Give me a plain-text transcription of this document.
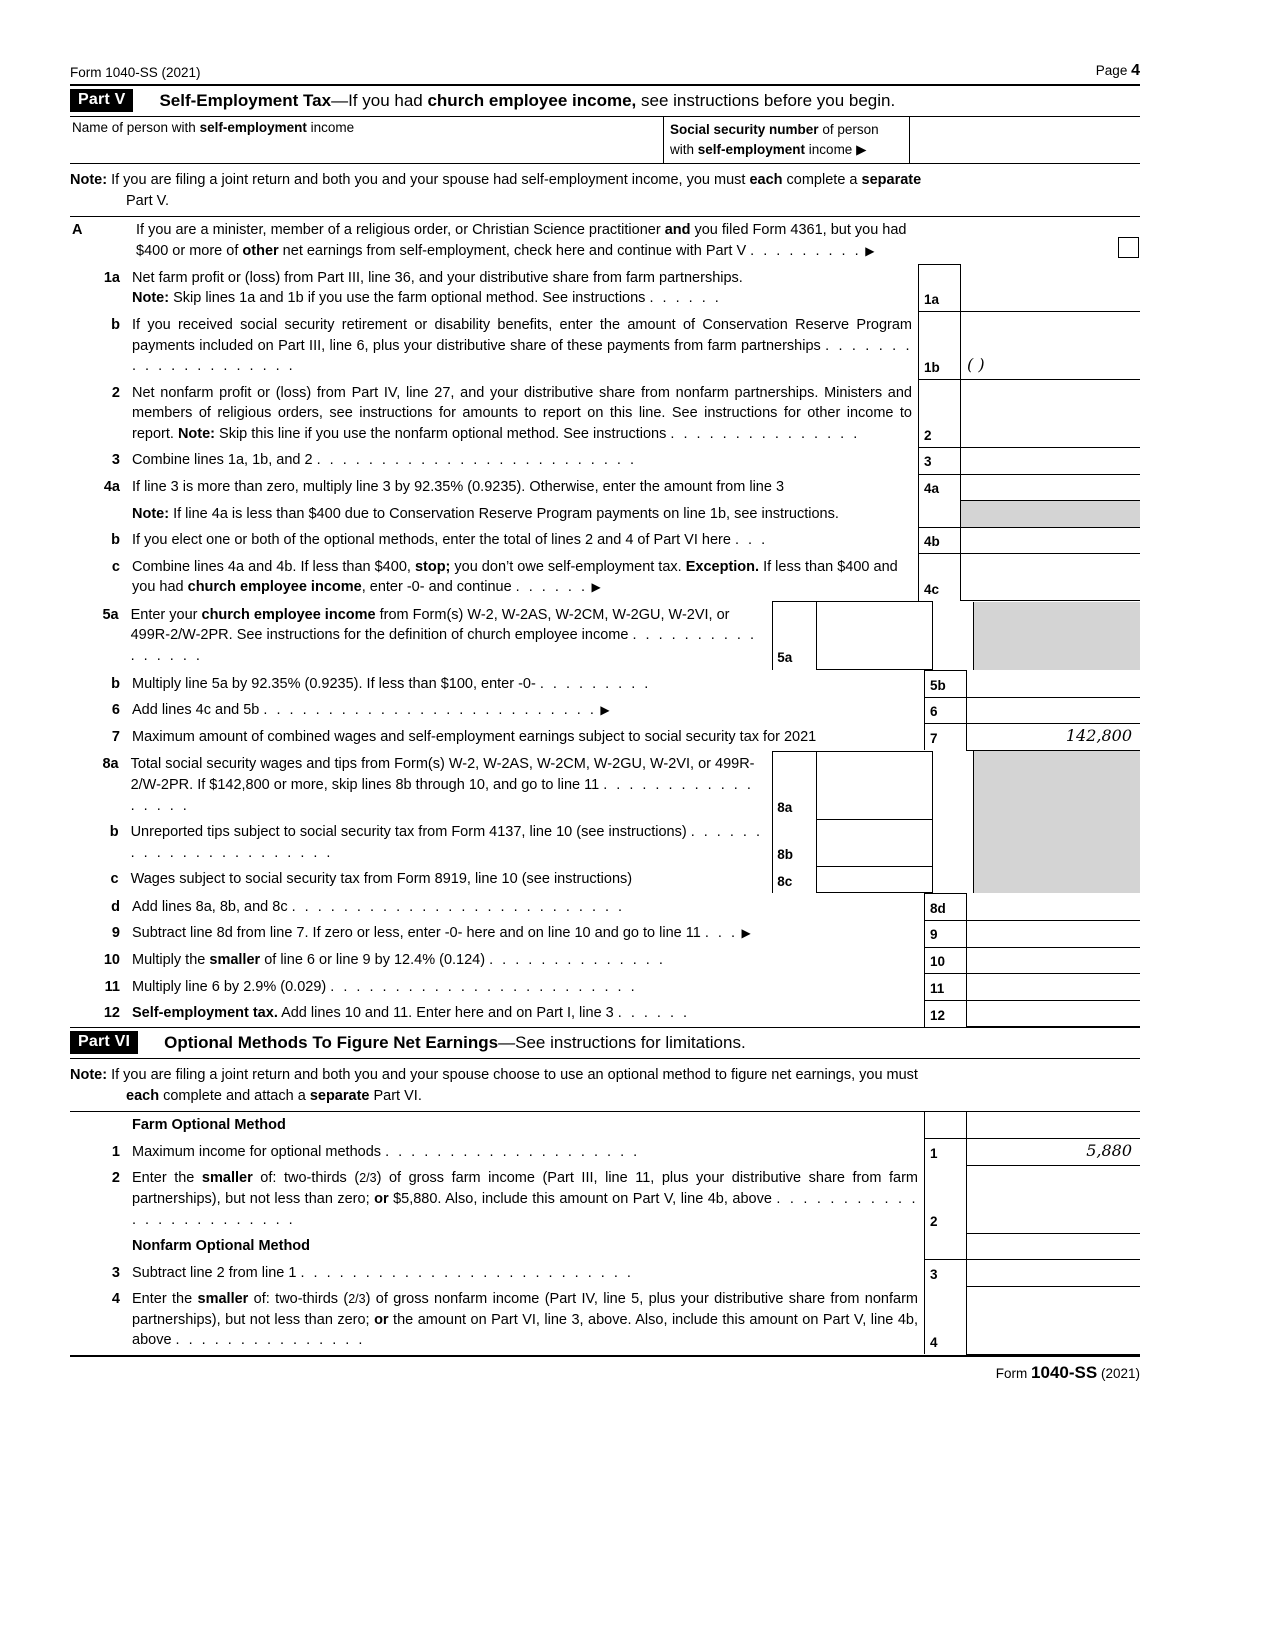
Form 1040-SS (2021)	Page 4
Part V	Self-Employment Tax—If you had church employee income, see instructions before you begin.
Name of person with self-employment income	Social security number of person
with self-employment income ▶
Note: If you are filing a joint return and both you and your spouse had self-employment income, you must each complete a separate
Part V.
A	If you are a minister, member of a religious order, or Christian Science practitioner and you filed Form 4361, but you had
$400 or more of other net earnings from self-employment, check here and continue with Part V . . . . . . . . . ▶	
1a	Net farm profit or (loss) from Part III, line 36, and your distributive share from farm partnerships.
Note: Skip lines 1a and 1b if you use the farm optional method. See instructions . . . . . .	1a	
b	If you received social security retirement or disability benefits, enter the amount of Conservation Reserve Program payments included on Part III, line 6, plus your distributive share of these payments from farm partnerships . . . . . . . . . . . . . . . . . . . .	1b	( )
2	Net nonfarm profit or (loss) from Part IV, line 27, and your distributive share from nonfarm partnerships. Ministers and members of religious orders, see instructions for amounts to report on this line. See instructions for other income to report. Note: Skip this line if you use the nonfarm optional method. See instructions . . . . . . . . . . . . . . .	2	
3	Combine lines 1a, 1b, and 2 . . . . . . . . . . . . . . . . . . . . . . . . .	3	
4a	If line 3 is more than zero, multiply line 3 by 92.35% (0.9235). Otherwise, enter the amount from line 3	4a	
	Note: If line 4a is less than $400 due to Conservation Reserve Program payments on line 1b, see instructions.		
b	If you elect one or both of the optional methods, enter the total of lines 2 and 4 of Part VI here . . .	4b	
c	Combine lines 4a and 4b. If less than $400, stop; you don’t owe self-employment tax. Exception. If less than $400 and you had church employee income, enter -0- and continue . . . . . . ▶	4c	
5a	Enter your church employee income from Form(s) W-2, W-2AS, W-2CM, W-2GU, W-2VI, or 499R-2/W-2PR. See instructions for the definition of church employee income . . . . . . . . . . . . . . . .	5a			
b	Multiply line 5a by 92.35% (0.9235). If less than $100, enter -0- . . . . . . . . .	5b	
6	Add lines 4c and 5b . . . . . . . . . . . . . . . . . . . . . . . . . . ▶	6	
7	Maximum amount of combined wages and self-employment earnings subject to social security tax for 2021	7	142,800
8a	Total social security wages and tips from Form(s) W-2, W-2AS, W-2CM, W-2GU, W-2VI, or 499R-2/W-2PR. If $142,800 or more, skip lines 8b through 10, and go to line 11 . . . . . . . . . . . . . . . . .	8a			
b	Unreported tips subject to social security tax from Form 4137, line 10 (see instructions) . . . . . . . . . . . . . . . . . . . . . .	8b			
c	Wages subject to social security tax from Form 8919, line 10 (see instructions)	8c			
d	Add lines 8a, 8b, and 8c . . . . . . . . . . . . . . . . . . . . . . . . . .	8d	
9	Subtract line 8d from line 7. If zero or less, enter -0- here and on line 10 and go to line 11 . . . ▶	9	
10	Multiply the smaller of line 6 or line 9 by 12.4% (0.124) . . . . . . . . . . . . . .	10	
11	Multiply line 6 by 2.9% (0.029) . . . . . . . . . . . . . . . . . . . . . . . .	11	
12	Self-employment tax. Add lines 10 and 11. Enter here and on Part I, line 3 . . . . . .	12	
Part VI	Optional Methods To Figure Net Earnings—See instructions for limitations.
Note: If you are filing a joint return and both you and your spouse choose to use an optional method to figure net earnings, you must
each complete and attach a separate Part VI.
	Farm Optional Method		
1	Maximum income for optional methods . . . . . . . . . . . . . . . . . . . .	1	5,880
2	Enter the smaller of: two-thirds (2/3) of gross farm income (Part III, line 11, plus your distributive share from farm partnerships), but not less than zero; or $5,880. Also, include this amount on Part V, line 4b, above . . . . . . . . . . . . . . . . . . . . . . . .	2	
	Nonfarm Optional Method		
3	Subtract line 2 from line 1 . . . . . . . . . . . . . . . . . . . . . . . . . .	3	
4	Enter the smaller of: two-thirds (2/3) of gross nonfarm income (Part IV, line 5, plus your distributive share from nonfarm partnerships), but not less than zero; or the amount on Part VI, line 3, above. Also, include this amount on Part V, line 4b, above . . . . . . . . . . . . . . .	4	
Form 1040-SS (2021)
